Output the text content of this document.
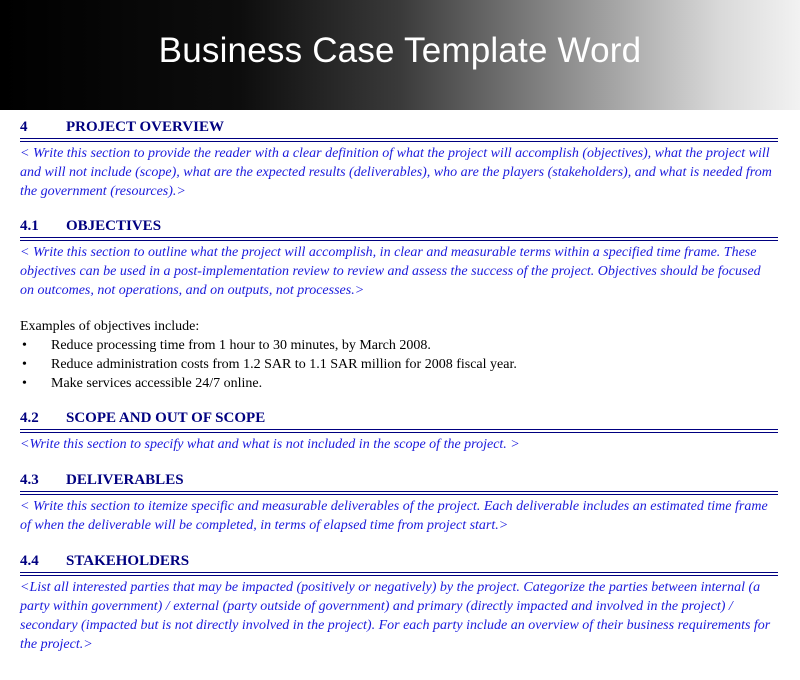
Business Case Template Word
4	PROJECT OVERVIEW

< Write this section to provide the reader with a clear definition of what the project will accomplish (objectives), what the project will and will not include (scope), what are the expected results (deliverables), who are the players (stakeholders), and what is needed from the government (resources).>

4.1	OBJECTIVES

< Write this section to outline what the project will accomplish, in clear and measurable terms within a specified time frame. These objectives can be used in a post-implementation review to review and assess the success of the project. Objectives should be focused on outcomes, not operations, and on outputs, not processes.>

Examples of objectives include:
• Reduce processing time from 1 hour to 30 minutes, by March 2008.
• Reduce administration costs from 1.2 SAR to 1.1 SAR million for 2008 fiscal year.
• Make services accessible 24/7 online.
4.2	SCOPE AND OUT OF SCOPE

<Write this section to specify what and what is not included in the scope of the project. >

4.3	DELIVERABLES

< Write this section to itemize specific and measurable deliverables of the project. Each deliverable includes an estimated time frame of when the deliverable will be completed, in terms of elapsed time from project start.>

4.4	STAKEHOLDERS

<List all interested parties that may be impacted (positively or negatively) by the project. Categorize the parties between internal (a party within government) / external (party outside of government) and primary (directly impacted and involved in the project) / secondary (impacted but is not directly involved in the project). For each party include an overview of their business requirements for the project.>
